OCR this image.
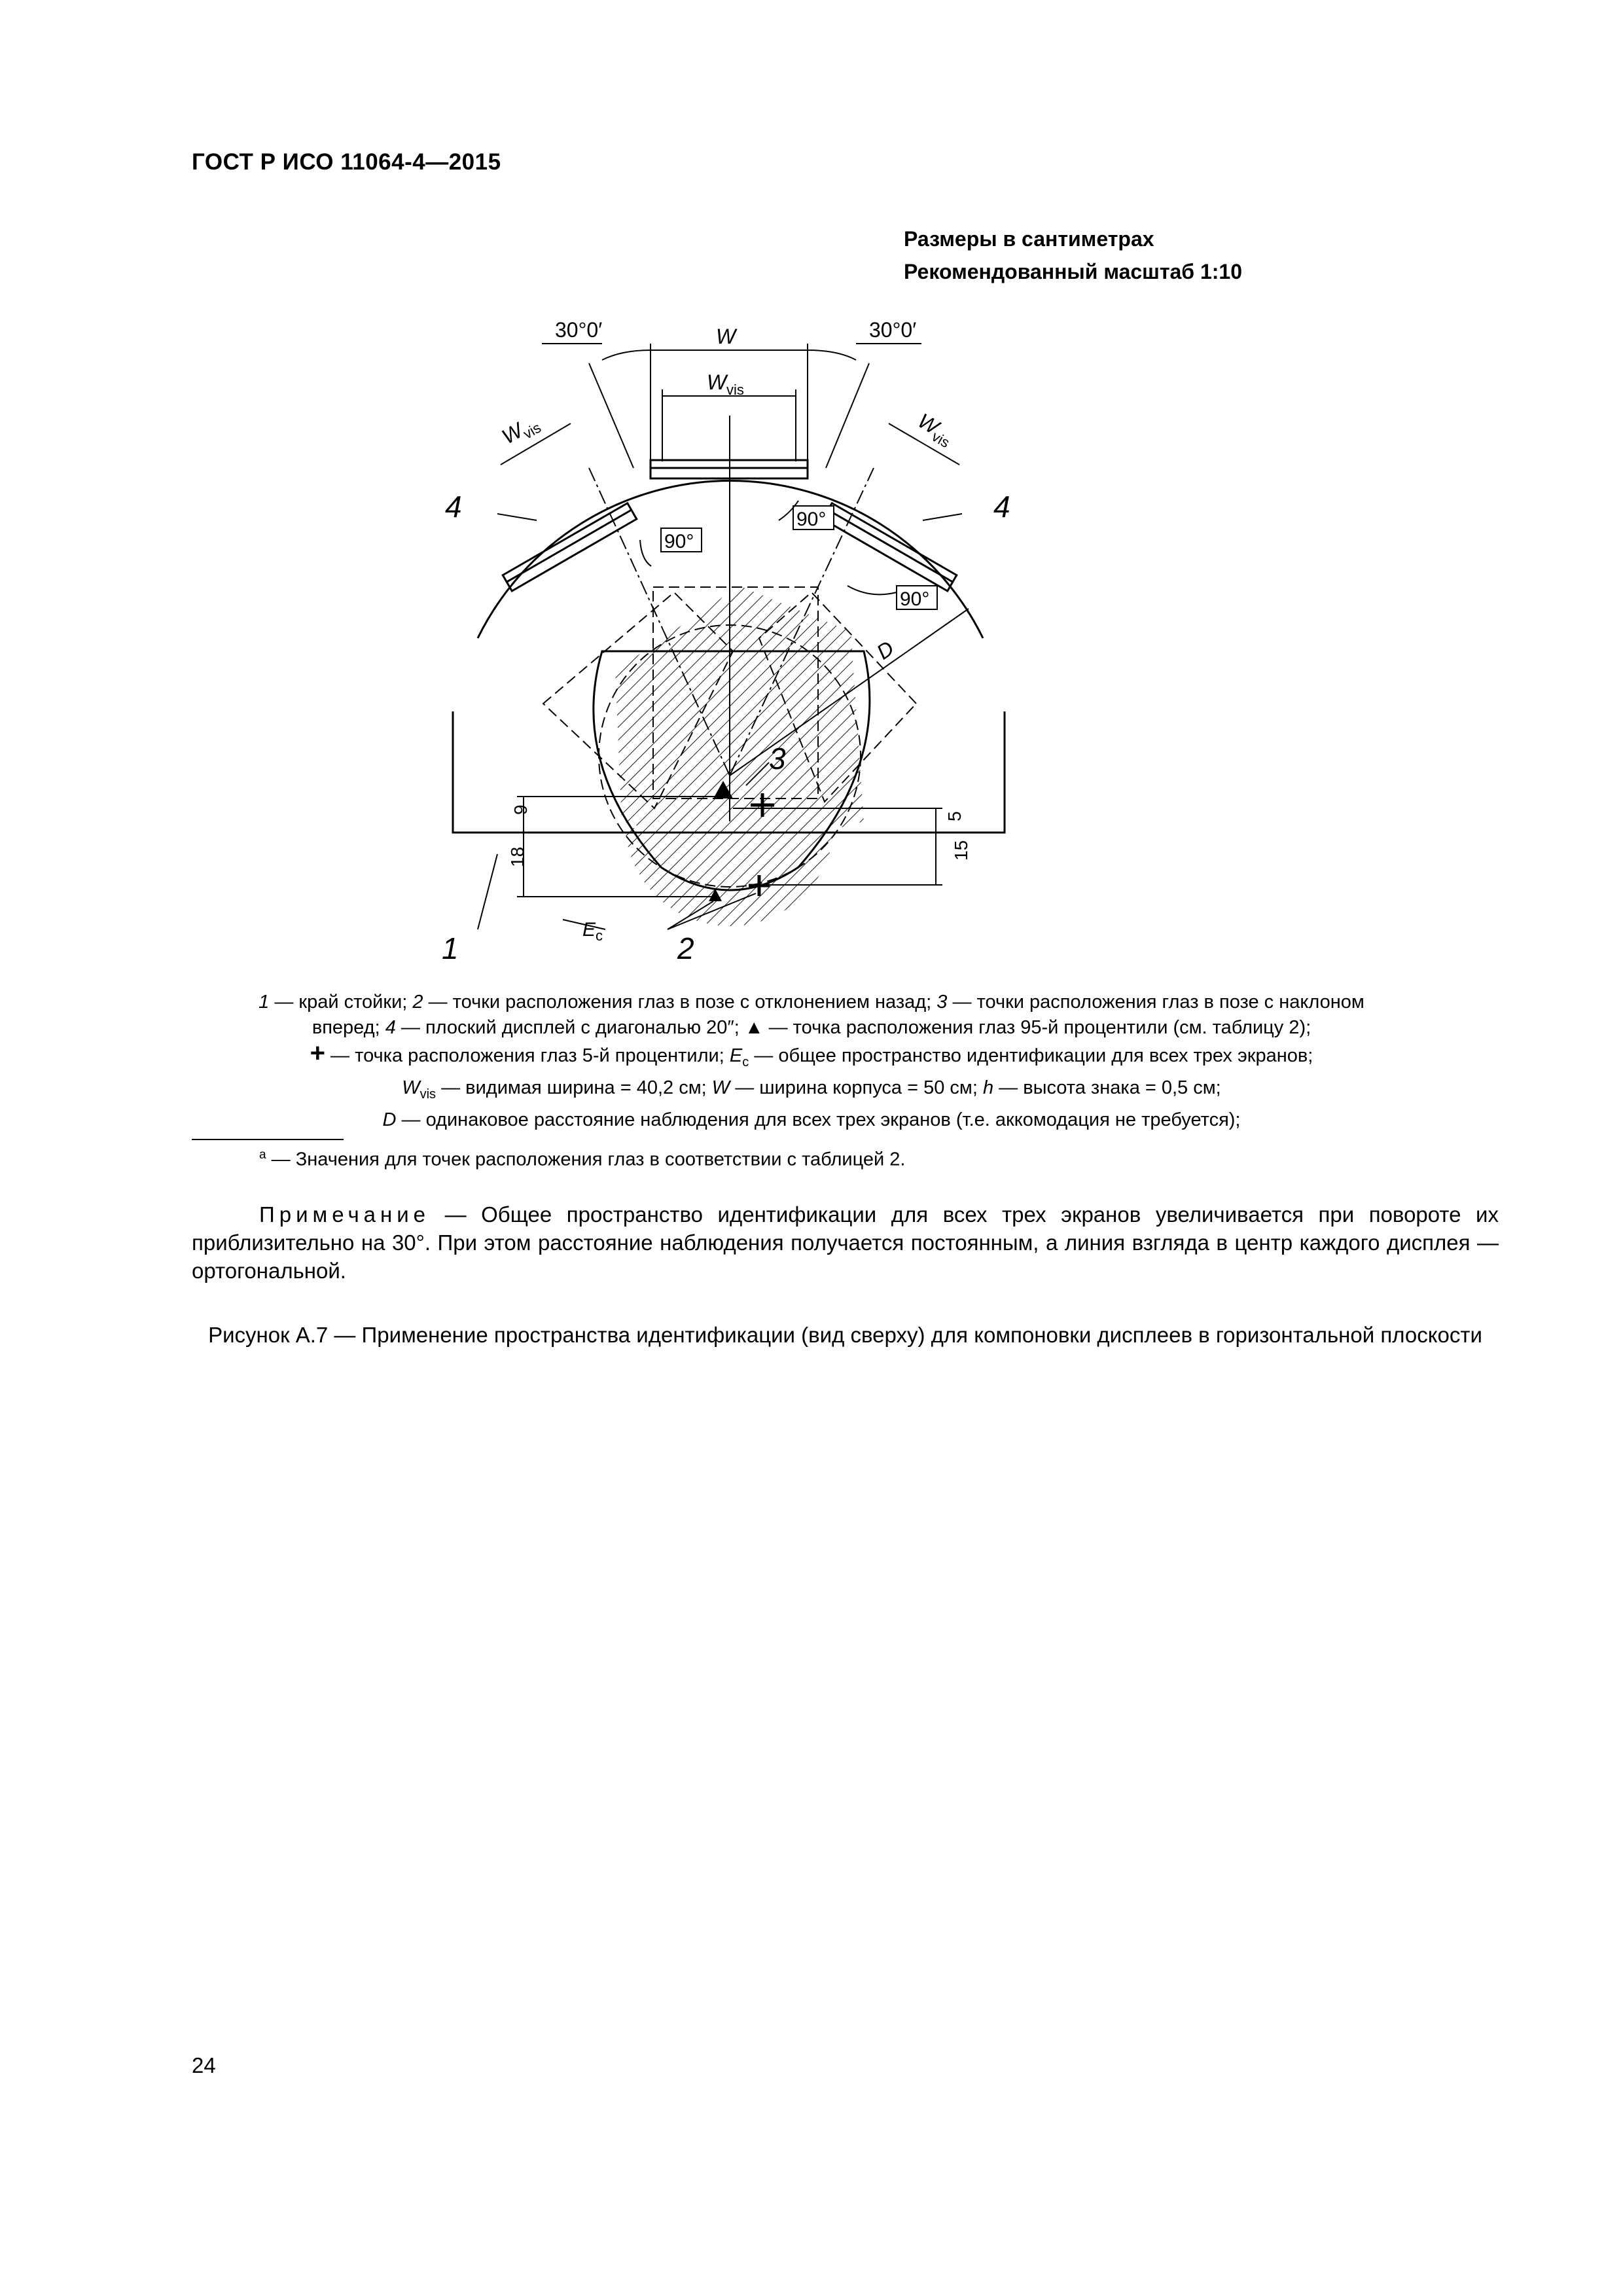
ГОСТ Р ИСО 11064-4—2015
Размеры в сантиметрах
Рекомендованный масштаб 1:10
30°0′	30°0′
W
W vis
W
vis	W
vis
90°
90°
90°
D
9
18
5
15
E c
1	2
3
4	4
1 — край стойки; 2 — точки расположения глаз в позе с отклонением назад; 3 — точки расположения глаз в позе с наклоном
вперед; 4 — плоский дисплей с диагональю 20″; ▲ — точка расположения глаз 95-й процентили (см. таблицу 2);
+ — точка расположения глаз 5-й процентили; $E_c$ — общее пространство идентификации для всех трех экранов;
$W_{vis}$ — видимая ширина = 40,2 см; W — ширина корпуса = 50 см; h — высота знака = 0,5 см;
D — одинаковое расстояние наблюдения для всех трех экранов (т.е. аккомодация не требуется);
$^a$ — Значения для точек расположения глаз в соответствии с таблицей 2.
Примечание — Общее пространство идентификации для всех трех экранов увеличивается при повороте их приблизительно на 30°. При этом расстояние наблюдения получается постоянным, а линия взгляда в центр каждого дисплея — ортогональной.
Рисунок А.7 — Применение пространства идентификации (вид сверху) для компоновки дисплеев в горизонтальной плоскости
24
